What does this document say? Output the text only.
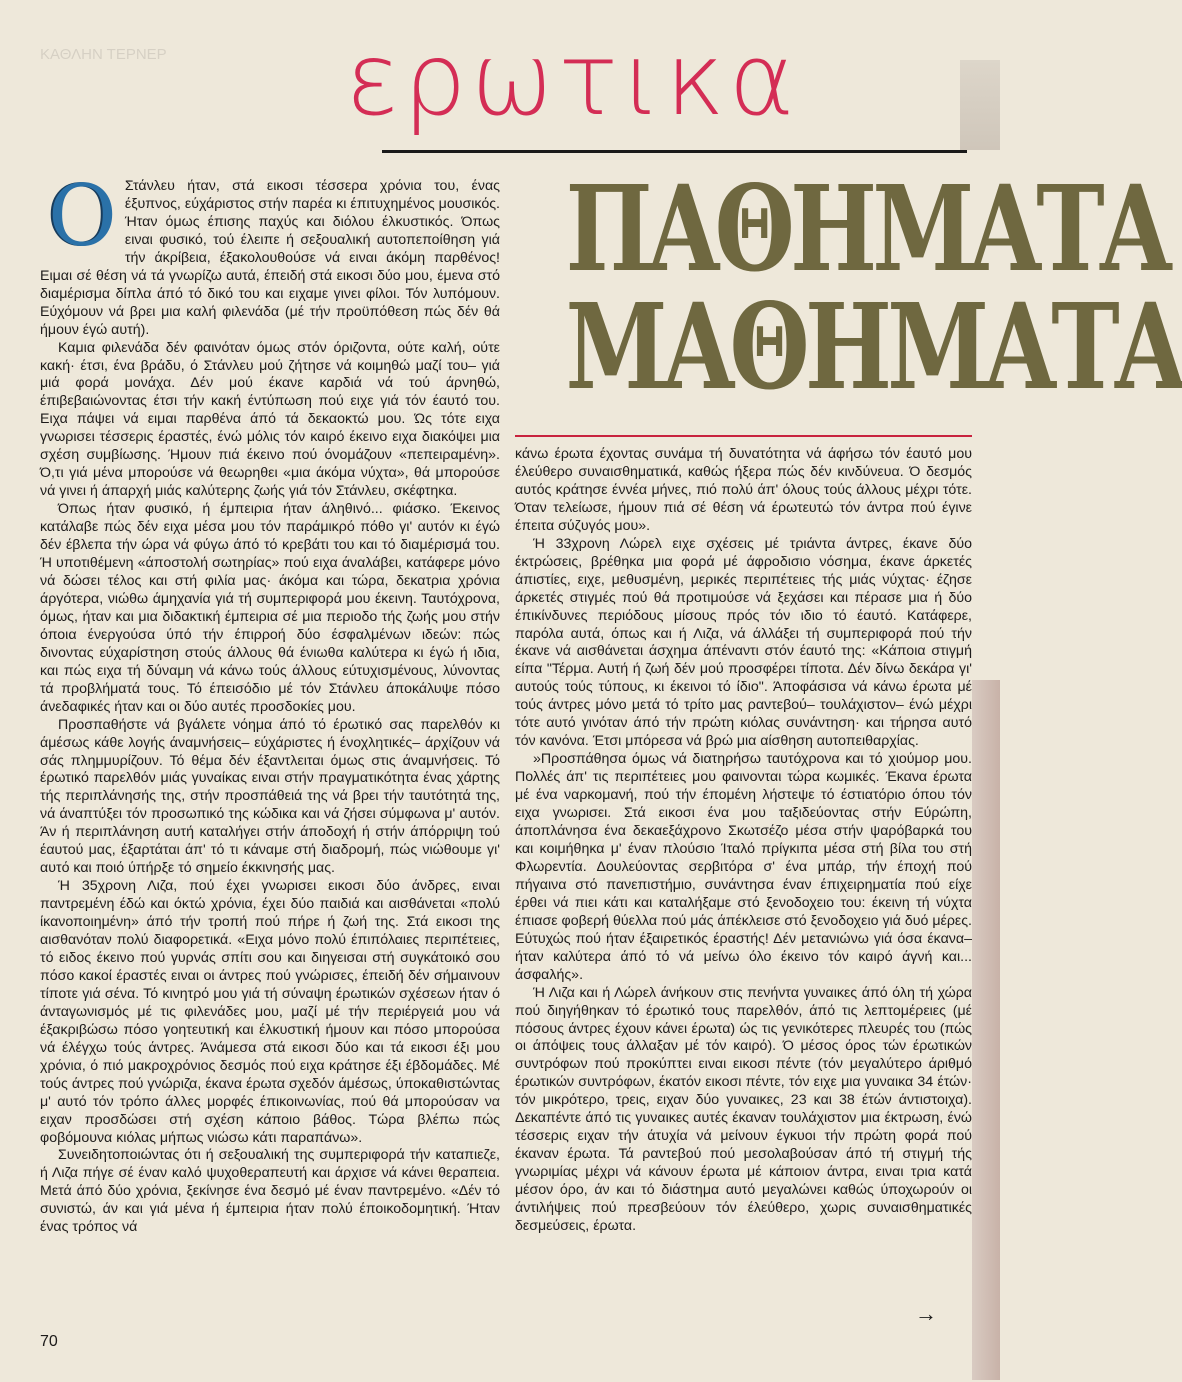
ΚΑΘΛΗΝ ΤΕΡΝΕΡ	ερωτικα
ΠΑΘΗΜΑΤΑ
ΜΑΘΗΜΑΤΑ
Ο Στάνλευ ήταν, στά εικοσι τέσσερα χρόνια του, ένας έξυπνος, εύχάριστος στήν παρέα κι έπιτυχημένος μουσικός. Ήταν όμως έπισης παχύς και διόλου έλκυστικός. Όπως ειναι φυσικό, τού έλειπε ή σεξουαλική αυτοπεποίθηση γιά τήν άκρίβεια, έξακολουθούσε νά ειναι άκόμη παρθένος! Ειμαι σέ θέση νά τά γνωρίζω αυτά, έπειδή στά εικοσι δύο μου, έμενα στό διαμέρισμα δίπλα άπό τό δικό του και ειχαμε γινει φίλοι. Τόν λυπόμουν. Εύχόμουν νά βρει μια καλή φιλενάδα (μέ τήν προϋπόθεση πώς δέν θά ήμουν έγώ αυτή).

Καμια φιλενάδα δέν φαινόταν όμως στόν όριζοντα, ούτε καλή, ούτε κακή· έτσι, ένα βράδυ, ό Στάνλευ μού ζήτησε νά κοιμηθώ μαζί του– γιά μιά φορά μονάχα. Δέν μού έκανε καρδιά νά τού άρνηθώ, έπιβεβαιώνοντας έτσι τήν κακή έντύπωση πού ειχε γιά τόν έαυτό του. Ειχα πάψει νά ειμαι παρθένα άπό τά δεκαοκτώ μου. Ώς τότε ειχα γνωρισει τέσσερις έραστές, ένώ μόλις τόν καιρό έκεινο ειχα διακόψει μια σχέση συμβίωσης. Ήμουν πιά έκεινο πού όνομάζουν «πεπειραμένη». Ό,τι γιά μένα μπορούσε νά θεωρηθει «μια άκόμα νύχτα», θά μπορούσε νά γινει ή άπαρχή μιάς καλύτερης ζωής γιά τόν Στάνλευ, σκέφτηκα.

Όπως ήταν φυσικό, ή έμπειρια ήταν άληθινό... φιάσκο. Έκεινος κατάλαβε πώς δέν ειχα μέσα μου τόν παράμικρό πόθο γι' αυτόν κι έγώ δέν έβλεπα τήν ώρα νά φύγω άπό τό κρεβάτι του και τό διαμέρισμά του. Ή υποτιθέμενη «άποστολή σωτηρίας» πού ειχα άναλάβει, κατάφερε μόνο νά δώσει τέλος και στή φιλία μας· άκόμα και τώρα, δεκατρια χρόνια άργότερα, νιώθω άμηχανία γιά τή συμπεριφορά μου έκεινη. Ταυτόχρονα, όμως, ήταν και μια διδακτική έμπειρια σέ μια περιοδο τής ζωής μου στήν όποια ένεργούσα ύπό τήν έπιρροή δύο έσφαλμένων ιδεών: πώς δινοντας εύχαρίστηση στούς άλλους θά ένιωθα καλύτερα κι έγώ ή ιδια, και πώς ειχα τή δύναμη νά κάνω τούς άλλους εύτυχισμένους, λύνοντας τά προβλήματά τους. Τό έπεισόδιο μέ τόν Στάνλευ άποκάλυψε πόσο άνεδαφικές ήταν και οι δύο αυτές προσδοκίες μου.

Προσπαθήστε νά βγάλετε νόημα άπό τό έρωτικό σας παρελθόν κι άμέσως κάθε λογής άναμνήσεις– εύχάριστες ή ένοχλητικές– άρχίζουν νά σάς πλημμυρίζουν. Τό θέμα δέν έξαντλειται όμως στις άναμνήσεις. Τό έρωτικό παρελθόν μιάς γυναίκας ειναι στήν πραγματικότητα ένας χάρτης τής περιπλάνησής της, στήν προσπάθειά της νά βρει τήν ταυτότητά της, νά άναπτύξει τόν προσωπικό της κώδικα και νά ζήσει σύμφωνα μ' αυτόν. Άν ή περιπλάνηση αυτή καταλήγει στήν άποδοχή ή στήν άπόρριψη τού έαυτού μας, έξαρτάται άπ' τό τι κάναμε στή διαδρομή, πώς νιώθουμε γι' αυτό και ποιό ύπήρξε τό σημείο έκκινησής μας.

Ή 35χρονη Λιζα, πού έχει γνωρισει εικοσι δύο άνδρες, ειναι παντρεμένη έδώ και όκτώ χρόνια, έχει δύο παιδιά και αισθάνεται «πολύ ίκανοποιημένη» άπό τήν τροπή πού πήρε ή ζωή της. Στά εικοσι της αισθανόταν πολύ διαφορετικά. «Ειχα μόνο πολύ έπιπόλαιες περιπέτειες, τό ειδος έκεινο πού γυρνάς σπίτι σου και διηγεισαι στή συγκάτοικό σου πόσο κακοί έραστές ειναι οι άντρες πού γνώρισες, έπειδή δέν σήμαινουν τίποτε γιά σένα. Τό κινητρό μου γιά τή σύναψη έρωτικών σχέσεων ήταν ό άνταγωνισμός μέ τις φιλενάδες μου, μαζί μέ τήν περιέργειά μου νά έξακριβώσω πόσο γοητευτική και έλκυστική ήμουν και πόσο μπορούσα νά έλέγχω τούς άντρες. Άνάμεσα στά εικοσι δύο και τά εικοσι έξι μου χρόνια, ό πιό μακροχρόνιος δεσμός πού ειχα κράτησε έξι έβδομάδες. Μέ τούς άντρες πού γνώριζα, έκανα έρωτα σχεδόν άμέσως, ύποκαθιστώντας μ' αυτό τόν τρόπο άλλες μορφές έπικοινωνίας, πού θά μπορούσαν να ειχαν προσδώσει στή σχέση κάποιο βάθος. Τώρα βλέπω πώς φοβόμουνα κιόλας μήπως νιώσω κάτι παραπάνω».

Συνειδητοποιώντας ότι ή σεξουαλική της συμπεριφορά τήν καταπιεζε, ή Λιζα πήγε σέ έναν καλό ψυχοθεραπευτή και άρχισε νά κάνει θεραπεια. Μετά άπό δύο χρόνια, ξεκίνησε ένα δεσμό μέ έναν παντρεμένο. «Δέν τό συνιστώ, άν και γιά μένα ή έμπειρια ήταν πολύ έποικοδομητική. Ήταν ένας τρόπος νά

κάνω έρωτα έχοντας συνάμα τή δυνατότητα νά άφήσω τόν έαυτό μου έλεύθερο συναισθηματικά, καθώς ήξερα πώς δέν κινδύνευα. Ό δεσμός αυτός κράτησε έννέα μήνες, πιό πολύ άπ' όλους τούς άλλους μέχρι τότε. Όταν τελείωσε, ήμουν πιά σέ θέση νά έρωτευτώ τόν άντρα πού έγινε έπειτα σύζυγός μου».

Ή 33χρονη Λώρελ ειχε σχέσεις μέ τριάντα άντρες, έκανε δύο έκτρώσεις, βρέθηκα μια φορά μέ άφροδισιο νόσημα, έκανε άρκετές άπιστίες, ειχε, μεθυσμένη, μερικές περιπέτειες τής μιάς νύχτας· έζησε άρκετές στιγμές πού θά προτιμούσε νά ξεχάσει και πέρασε μια ή δύο έπικίνδυνες περιόδους μίσους πρός τόν ιδιο τό έαυτό. Κατάφερε, παρόλα αυτά, όπως και ή Λιζα, νά άλλάξει τή συμπεριφορά πού τήν έκανε νά αισθάνεται άσχημα άπέναντι στόν έαυτό της: «Κάποια στιγμή είπα "Τέρμα. Αυτή ή ζωή δέν μού προσφέρει τίποτα. Δέν δίνω δεκάρα γι' αυτούς τούς τύπους, κι έκεινοι τό ίδιο". Άποφάσισα νά κάνω έρωτα μέ τούς άντρες μόνο μετά τό τρίτο μας ραντεβού– τουλάχιστον– ένώ μέχρι τότε αυτό γινόταν άπό τήν πρώτη κιόλας συνάντηση· και τήρησα αυτό τόν κανόνα. Έτσι μπόρεσα νά βρώ μια αίσθηση αυτοπειθαρχίας.

»Προσπάθησα όμως νά διατηρήσω ταυτόχρονα και τό χιούμορ μου. Πολλές άπ' τις περιπέτειες μου φαινονται τώρα κωμικές. Έκανα έρωτα μέ ένα ναρκομανή, πού τήν έπομένη λήστεψε τό έστιατόριο όπου τόν ειχα γνωρισει. Στά εικοσι ένα μου ταξιδεύοντας στήν Εύρώπη, άποπλάνησα ένα δεκαεξάχρονο Σκωτσέζο μέσα στήν ψαρόβαρκά του και κοιμήθηκα μ' έναν πλούσιο Ίταλό πρίγκιπα μέσα στή βίλα του στή Φλωρεντία. Δουλεύοντας σερβιτόρα σ' ένα μπάρ, τήν έποχή πού πήγαινα στό πανεπιστήμιο, συνάντησα έναν έπιχειρηματία πού είχε έρθει νά πιει κάτι και καταλήξαμε στό ξενοδοχειο του: έκεινη τή νύχτα έπιασε φοβερή θύελλα πού μάς άπέκλεισε στό ξενοδοχειο γιά δυό μέρες. Εύτυχώς πού ήταν έξαιρετικός έραστής! Δέν μετανιώνω γιά όσα έκανα– ήταν καλύτερα άπό τό νά μείνω όλο έκεινο τόν καιρό άγνή και... άσφαλής».

Ή Λιζα και ή Λώρελ άνήκουν στις πενήντα γυναικες άπό όλη τή χώρα πού διηγήθηκαν τό έρωτικό τους παρελθόν, άπό τις λεπτομέρειες (μέ πόσους άντρες έχουν κάνει έρωτα) ώς τις γενικότερες πλευρές του (πώς οι άπόψεις τους άλλαξαν μέ τόν καιρό). Ό μέσος όρος τών έρωτικών συντρόφων πού προκύπτει ειναι εικοσι πέντε (τόν μεγαλύτερο άριθμό έρωτικών συντρόφων, έκατόν εικοσι πέντε, τόν ειχε μια γυναικα 34 έτών· τόν μικρότερο, τρεις, ειχαν δύο γυναικες, 23 και 38 έτών άντιστοιχα). Δεκαπέντε άπό τις γυναικες αυτές έκαναν τουλάχιστον μια έκτρωση, ένώ τέσσερις ειχαν τήν άτυχία νά μείνουν έγκυοι τήν πρώτη φορά πού έκαναν έρωτα. Τά ραντεβού πού μεσολαβούσαν άπό τή στιγμή τής γνωριμίας μέχρι νά κάνουν έρωτα μέ κάποιον άντρα, ειναι τρια κατά μέσον όρο, άν και τό διάστημα αυτό μεγαλώνει καθώς ύποχωρούν οι άντιλήψεις πού πρεσβεύουν τόν έλεύθερο, χωρις συναισθηματικές δεσμεύσεις, έρωτα.

→
70
